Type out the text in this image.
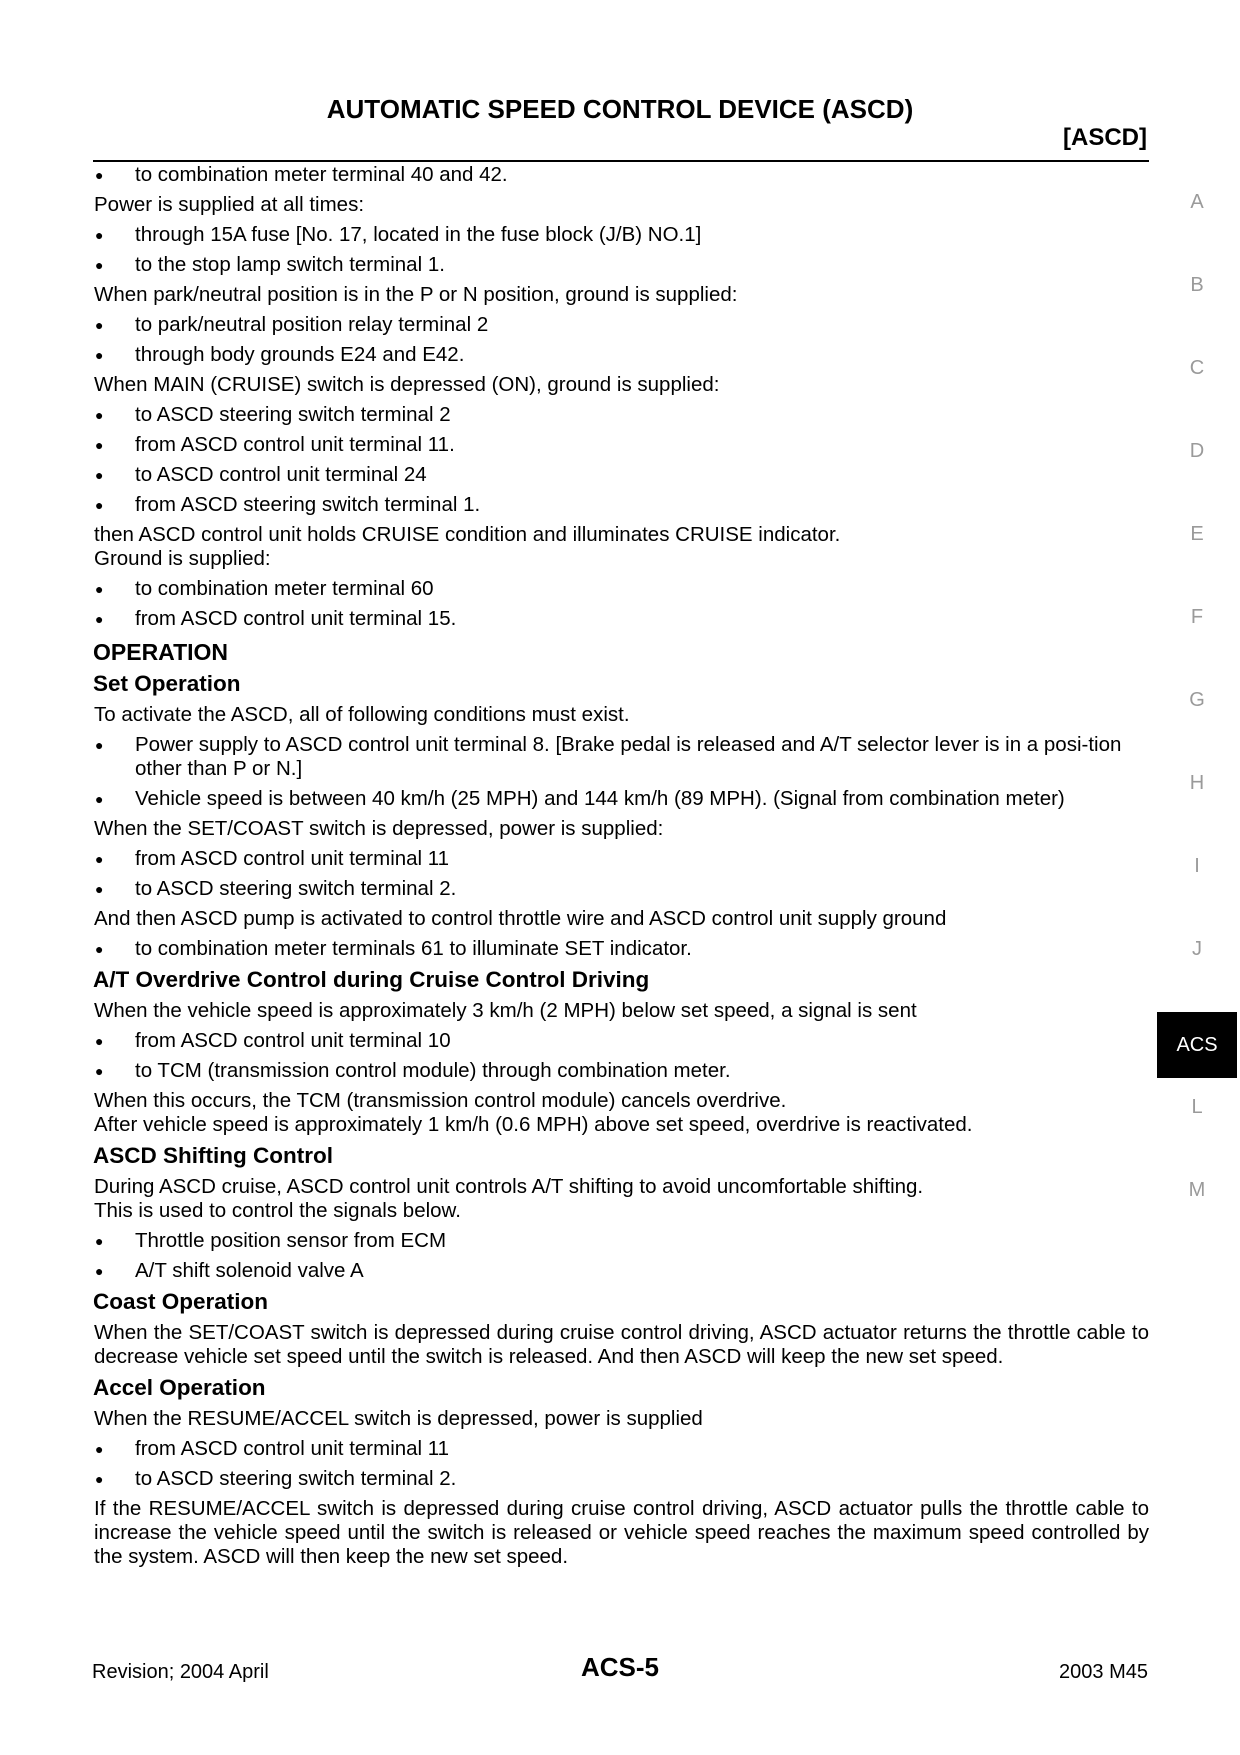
AUTOMATIC SPEED CONTROL DEVICE (ASCD)
[ASCD]
● to combination meter terminal 40 and 42.
Power is supplied at all times:
● through 15A fuse [No. 17, located in the fuse block (J/B) NO.1]
● to the stop lamp switch terminal 1.
When park/neutral position is in the P or N position, ground is supplied:
● to park/neutral position relay terminal 2
● through body grounds E24 and E42.
When MAIN (CRUISE) switch is depressed (ON), ground is supplied:
● to ASCD steering switch terminal 2
● from ASCD control unit terminal 11.
● to ASCD control unit terminal 24
● from ASCD steering switch terminal 1.
then ASCD control unit holds CRUISE condition and illuminates CRUISE indicator.
Ground is supplied:
● to combination meter terminal 60
● from ASCD control unit terminal 15.
OPERATION
Set Operation
To activate the ASCD, all of following conditions must exist.
● Power supply to ASCD control unit terminal 8. [Brake pedal is released and A/T selector lever is in a posi-tion other than P or N.]
● Vehicle speed is between 40 km/h (25 MPH) and 144 km/h (89 MPH). (Signal from combination meter)
When the SET/COAST switch is depressed, power is supplied:
● from ASCD control unit terminal 11
● to ASCD steering switch terminal 2.
And then ASCD pump is activated to control throttle wire and ASCD control unit supply ground
● to combination meter terminals 61 to illuminate SET indicator.
A/T Overdrive Control during Cruise Control Driving
When the vehicle speed is approximately 3 km/h (2 MPH) below set speed, a signal is sent
● from ASCD control unit terminal 10
● to TCM (transmission control module) through combination meter.
When this occurs, the TCM (transmission control module) cancels overdrive.
After vehicle speed is approximately 1 km/h (0.6 MPH) above set speed, overdrive is reactivated.
ASCD Shifting Control
During ASCD cruise, ASCD control unit controls A/T shifting to avoid uncomfortable shifting.
This is used to control the signals below.
● Throttle position sensor from ECM
● A/T shift solenoid valve A
Coast Operation
When the SET/COAST switch is depressed during cruise control driving, ASCD actuator returns the throttle cable to decrease vehicle set speed until the switch is released. And then ASCD will keep the new set speed.
Accel Operation
When the RESUME/ACCEL switch is depressed, power is supplied
● from ASCD control unit terminal 11
● to ASCD steering switch terminal 2.
If the RESUME/ACCEL switch is depressed during cruise control driving, ASCD actuator pulls the throttle cable to increase the vehicle speed until the switch is released or vehicle speed reaches the maximum speed controlled by the system. ASCD will then keep the new set speed.
A
B
C
D
E
F
G
H
I
J
ACS
L
M
Revision; 2004 April	ACS-5	2003 M45
